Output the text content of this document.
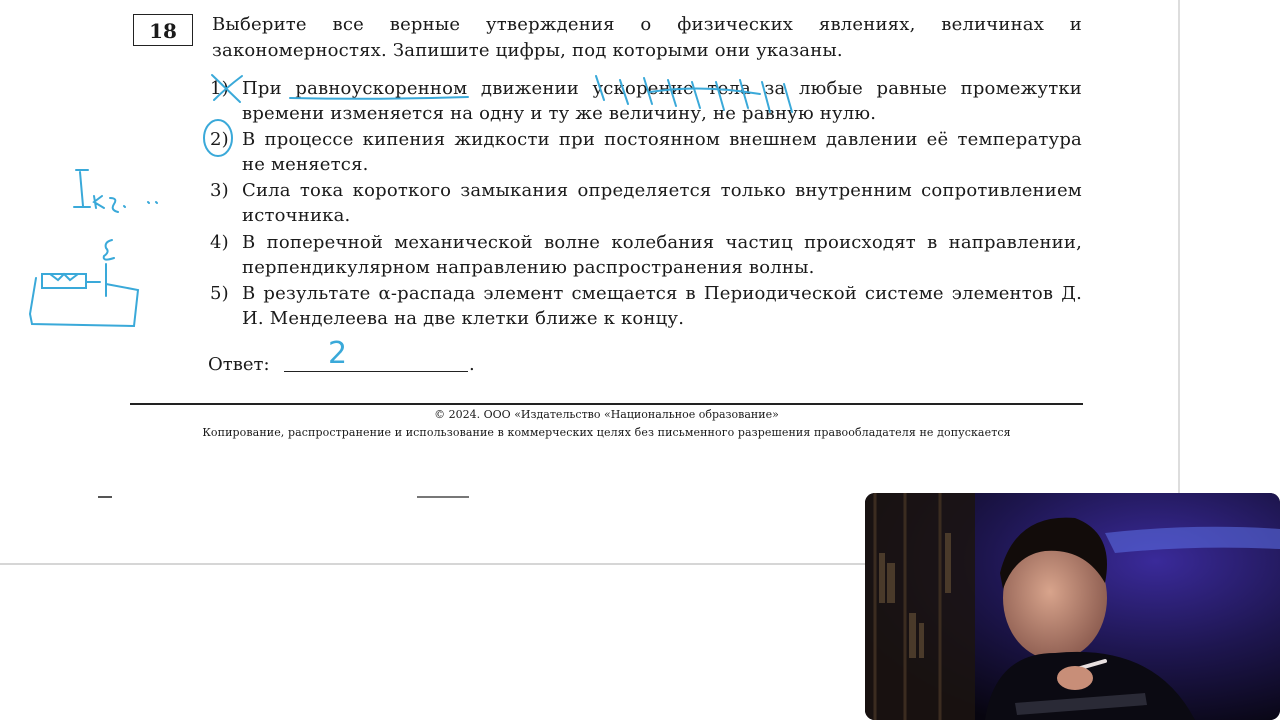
18	Выберите все верные утверждения о физических явлениях, величинах и закономерностях. Запишите цифры, под которыми они указаны.
1) При равноускоренном движении ускорение тела за любые равные промежутки времени изменяется на одну и ту же величину, не равную нулю.
2) В процессе кипения жидкости при постоянном внешнем давлении её температура не меняется.
3) Сила тока короткого замыкания определяется только внутренним сопротивлением источника.
4) В поперечной механической волне колебания частиц происходят в направлении, перпендикулярном направлению распространения волны.
5) В результате α-распада элемент смещается в Периодической системе элементов Д. И. Менделеева на две клетки ближе к концу.
Ответ:	.
2
© 2024. ООО «Издательство «Национальное образование»
Копирование, распространение и использование в коммерческих целях без письменного разрешения правообладателя не допускается
